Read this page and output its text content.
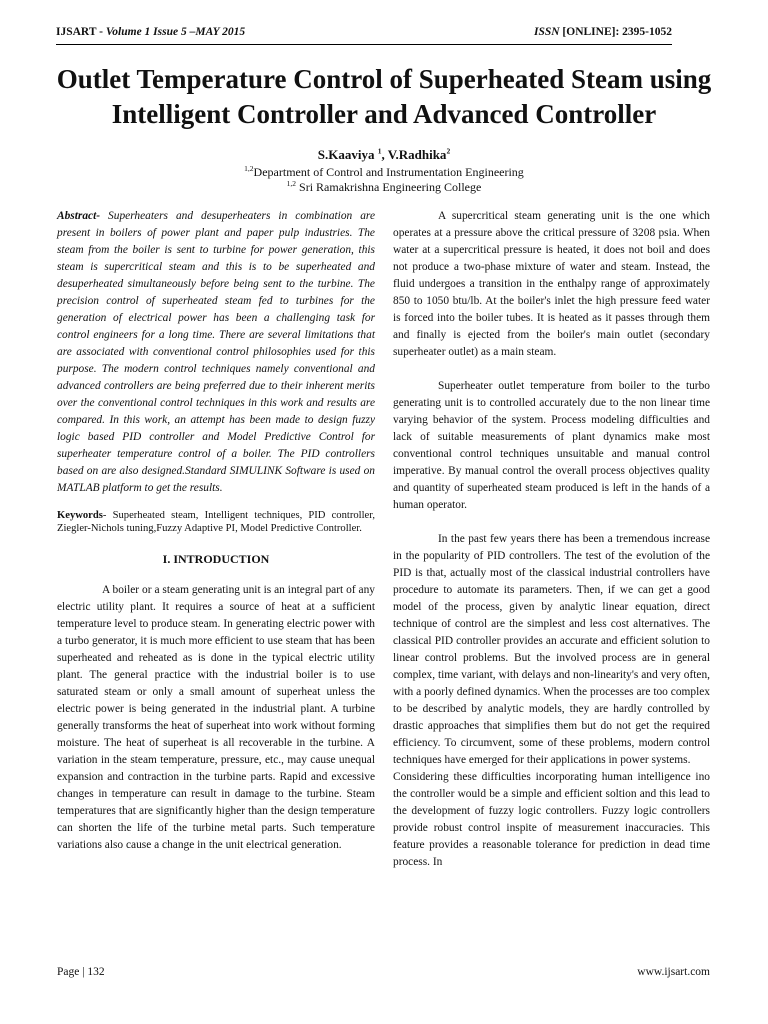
IJSART - Volume 1 Issue 5 –MAY 2015	ISSN [ONLINE]: 2395-1052
Outlet Temperature Control of Superheated Steam using Intelligent Controller and Advanced Controller
S.Kaaviya $^1$, V.Radhika$^2$
$^{1,2}$Department of Control and Instrumentation Engineering
$^{1,2}$ Sri Ramakrishna Engineering College

Abstract- Superheaters and desuperheaters in combination are present in boilers of power plant and paper pulp industries. The steam from the boiler is sent to turbine for power generation, this steam is supercritical steam and this is to be superheated and desuperheated simultaneously before being sent to the turbine. The precision control of superheated steam fed to turbines for the generation of electrical power has been a challenging task for control engineers for a long time. There are several limitations that are associated with conventional control philosophies used for this purpose. The modern control techniques namely conventional and advanced controllers are being preferred due to their inherent merits over the conventional control techniques in this work and results are compared. In this work, an attempt has been made to design fuzzy logic based PID controller and Model Predictive Control for superheater temperature control of a boiler. The PID controllers based on are also designed.Standard SIMULINK Software is used on MATLAB platform to get the results.

Keywords- Superheated steam, Intelligent techniques, PID controller, Ziegler-Nichols tuning,Fuzzy Adaptive PI, Model Predictive Controller.

I. INTRODUCTION

A boiler or a steam generating unit is an integral part of any electric utility plant. It requires a source of heat at a sufficient temperature level to produce steam. In generating electric power with a turbo generator, it is much more efficient to use steam that has been superheated and reheated as is done in the typical electric utility plant. The general practice with the industrial boiler is to use saturated steam or only a small amount of superheat unless the electric power is being generated in the industrial plant. A turbine generally transforms the heat of superheat into work without forming moisture. The heat of superheat is all recoverable in the turbine. A variation in the steam temperature, pressure, etc., may cause unequal expansion and contraction in the turbine parts. Rapid and excessive changes in temperature can result in damage to the turbine. Steam temperatures that are significantly higher than the design temperature can shorten the life of the turbine metal parts. Such temperature variations also cause a change in the unit electrical generation.

A supercritical steam generating unit is the one which operates at a pressure above the critical pressure of 3208 psia. When water at a supercritical pressure is heated, it does not boil and does not produce a two-phase mixture of water and steam. Instead, the fluid undergoes a transition in the enthalpy range of approximately 850 to 1050 btu/lb. At the boiler's inlet the high pressure feed water is forced into the boiler tubes. It is heated as it passes through them and finally is ejected from the boiler's main outlet (secondary superheater outlet) as a main steam.

Superheater outlet temperature from boiler to the turbo generating unit is to controlled accurately due to the non linear time varying behavior of the system. Process modeling difficulties and lack of suitable measurements of plant dynamics make most conventional control techniques unsuitable and manual control imperative. By manual control the overall process objectives quality and quantity of superheated steam produced is left in the hands of a human operator.

In the past few years there has been a tremendous increase in the popularity of PID controllers. The test of the evolution of the PID is that, actually most of the classical industrial controllers have procedure to automate its parameters. Then, if we can get a good model of the process, given by analytic linear equation, direct technique of control are the simplest and less cost alternatives. The classical PID controller provides an accurate and efficient solution to linear control problems. But the involved process are in general complex, time variant, with delays and non-linearity's and very often, with a poorly defined dynamics. When the processes are too complex to be described by analytic models, they are hardly controlled by drastic approaches that simplifies them but do not get the required efficiency. To circumvent, some of these problems, modern control techniques have emerged for their applications in power systems.

Considering these difficulties incorporating human intelligence ino the controller would be a simple and efficient soltion and this lead to the development of fuzzy logic controllers. Fuzzy logic controllers provide robust control inspite of measurement inaccuracies. This feature provides a reasonable tolerance for prediction in dead time process. In

Page | 132	www.ijsart.com
